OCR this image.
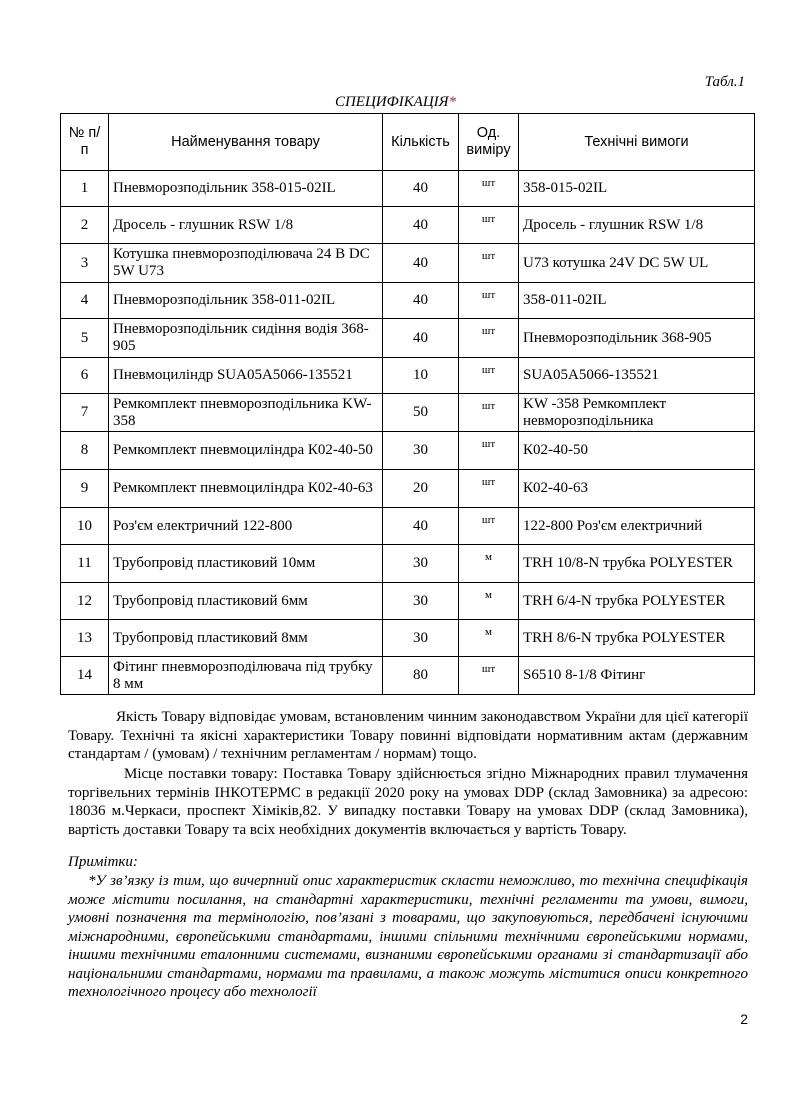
Табл.1
СПЕЦИФІКАЦІЯ*
№ п/п	Найменування товару	Кількість	Од. виміру	Технічні вимоги
1	Пневморозподільник 358-015-02IL	40	шт	358-015-02IL
2	Дросель - глушник RSW 1/8	40	шт	Дросель - глушник RSW 1/8
3	Котушка пневморозподілювача 24 В DC 5W U73	40	шт	U73 котушка 24V DC 5W UL
4	Пневморозподільник 358-011-02IL	40	шт	358-011-02IL
5	Пневморозподільник сидіння водія 368-905	40	шт	Пневморозподільник 368-905
6	Пневмоциліндр SUA05A5066-135521	10	шт	SUA05A5066-135521
7	Ремкомплект пневморозподільника KW-358	50	шт	KW -358 Ремкомплект невморозподільника
8	Ремкомплект пневмоциліндра К02-40-50	30	шт	К02-40-50
9	Ремкомплект пневмоциліндра К02-40-63	20	шт	К02-40-63
10	Роз'єм електричний 122-800	40	шт	122-800 Роз'єм електричний
11	Трубопровід пластиковий 10мм	30	м	TRH 10/8-N трубка POLYESTER
12	Трубопровід пластиковий 6мм	30	м	TRH 6/4-N трубка POLYESTER
13	Трубопровід пластиковий 8мм	30	м	TRH 8/6-N трубка POLYESTER
14	Фітинг пневморозподілювача під трубку 8 мм	80	шт	S6510 8-1/8 Фітинг

Якість Товару відповідає умовам, встановленим чинним законодавством України для цієї категорії Товару. Технічні та якісні характеристики Товару повинні відповідати нормативним актам (державним стандартам / (умовам) / технічним регламентам / нормам) тощо.

Місце поставки товару: Поставка Товару здійснюється згідно Міжнародних правил тлумачення торгівельних термінів ІНКОТЕРМС в редакції 2020 року на умовах DDP (склад Замовника) за адресою: 18036 м.Черкаси, проспект Хіміків,82. У випадку поставки Товару на умовах DDP (склад Замовника), вартість доставки Товару та всіх необхідних документів включається у вартість Товару.

Примітки:

*У зв’язку із тим, що вичерпний опис характеристик скласти неможливо, то технічна специфікація може містити посилання, на стандартні характеристики, технічні регламенти та умови, вимоги, умовні позначення та термінологію, пов’язані з товарами, що закуповуються, передбачені існуючими міжнародними, європейськими стандартами, іншими спільними технічними європейськими нормами, іншими технічними еталонними системами, визнаними європейськими органами зі стандартизації або національними стандартами, нормами та правилами, а також можуть міститися описи конкретного технологічного процесу або технології

2
